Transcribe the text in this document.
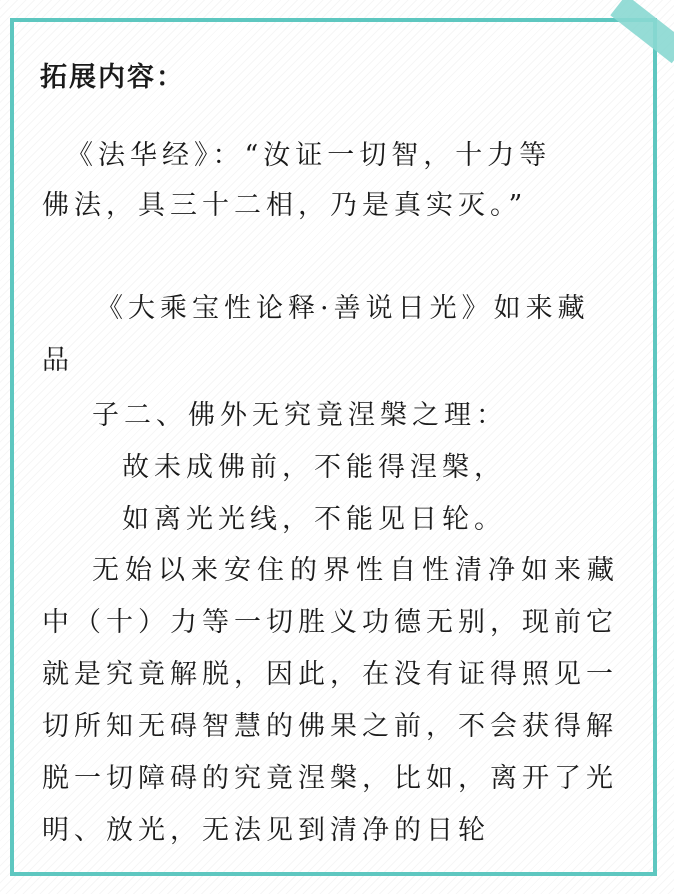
拓展内容：

《法华经》：“汝证一切智，十力等

佛法，具三十二相，乃是真实灭。”

《大乘宝性论释·善说日光》如来藏

品

子二、佛外无究竟涅槃之理：

故未成佛前，不能得涅槃，

如离光光线，不能见日轮。

无始以来安住的界性自性清净如来藏

中（十）力等一切胜义功德无别，现前它

就是究竟解脱，因此，在没有证得照见一

切所知无碍智慧的佛果之前，不会获得解

脱一切障碍的究竟涅槃，比如，离开了光

明、放光，无法见到清净的日轮
